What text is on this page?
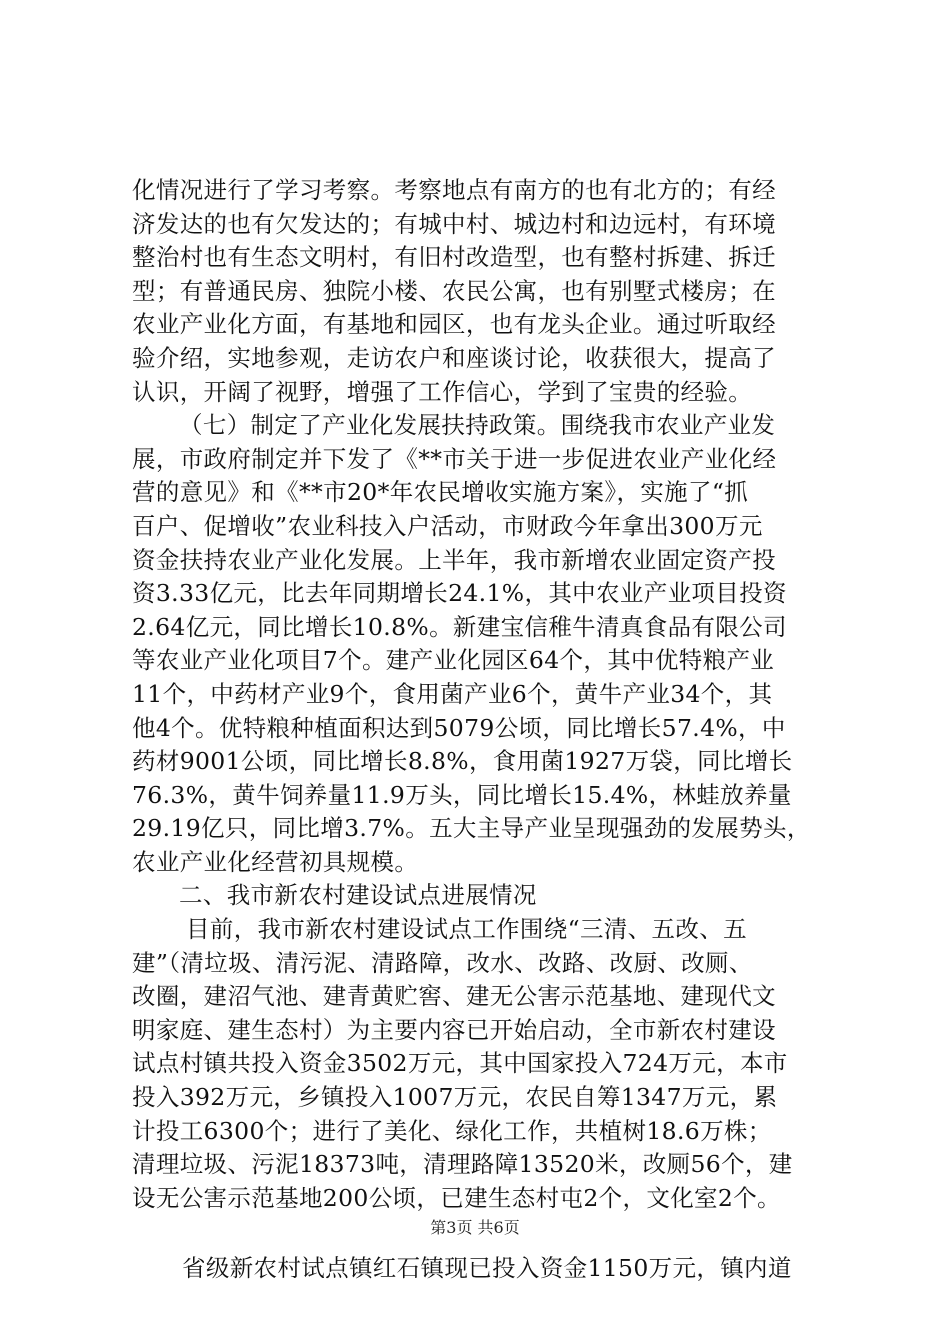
化情况进行了学习考察。考察地点有南方的也有北方的；有经
济发达的也有欠发达的；有城中村、城边村和边远村，有环境
整治村也有生态文明村，有旧村改造型，也有整村拆建、拆迁
型；有普通民房、独院小楼、农民公寓，也有别墅式楼房；在
农业产业化方面，有基地和园区，也有龙头企业。通过听取经
验介绍，实地参观，走访农户和座谈讨论，收获很大，提高了
认识，开阔了视野，增强了工作信心，学到了宝贵的经验。
（七）制定了产业化发展扶持政策。围绕我市农业产业发
展，市政府制定并下发了《**市关于进一步促进农业产业化经
营的意见》和《**市20*年农民增收实施方案》，实施了“抓
百户、促增收”农业科技入户活动，市财政今年拿出300万元
资金扶持农业产业化发展。上半年，我市新增农业固定资产投
资3.33亿元，比去年同期增长24.1%，其中农业产业项目投资
2.64亿元，同比增长10.8%。新建宝信稚牛清真食品有限公司
等农业产业化项目7个。建产业化园区64个，其中优特粮产业
11个，中药材产业9个，食用菌产业6个，黄牛产业34个，其
他4个。优特粮种植面积达到5079公顷，同比增长57.4%，中
药材9001公顷，同比增长8.8%，食用菌1927万袋，同比增长
76.3%，黄牛饲养量11.9万头，同比增长15.4%，林蛙放养量
29.19亿只，同比增3.7%。五大主导产业呈现强劲的发展势头，
农业产业化经营初具规模。
二、我市新农村建设试点进展情况
目前，我市新农村建设试点工作围绕“三清、五改、五
建”（清垃圾、清污泥、清路障，改水、改路、改厨、改厕、
改圈，建沼气池、建青黄贮窖、建无公害示范基地、建现代文
明家庭、建生态村）为主要内容已开始启动，全市新农村建设
试点村镇共投入资金3502万元，其中国家投入724万元，本市
投入392万元，乡镇投入1007万元，农民自筹1347万元，累
计投工6300个；进行了美化、绿化工作，共植树18.6万株；
清理垃圾、污泥18373吨，清理路障13520米，改厕56个，建
设无公害示范基地200公顷，已建生态村屯2个，文化室2个。
省级新农村试点镇红石镇现已投入资金1150万元，镇内道
第3页 共6页
